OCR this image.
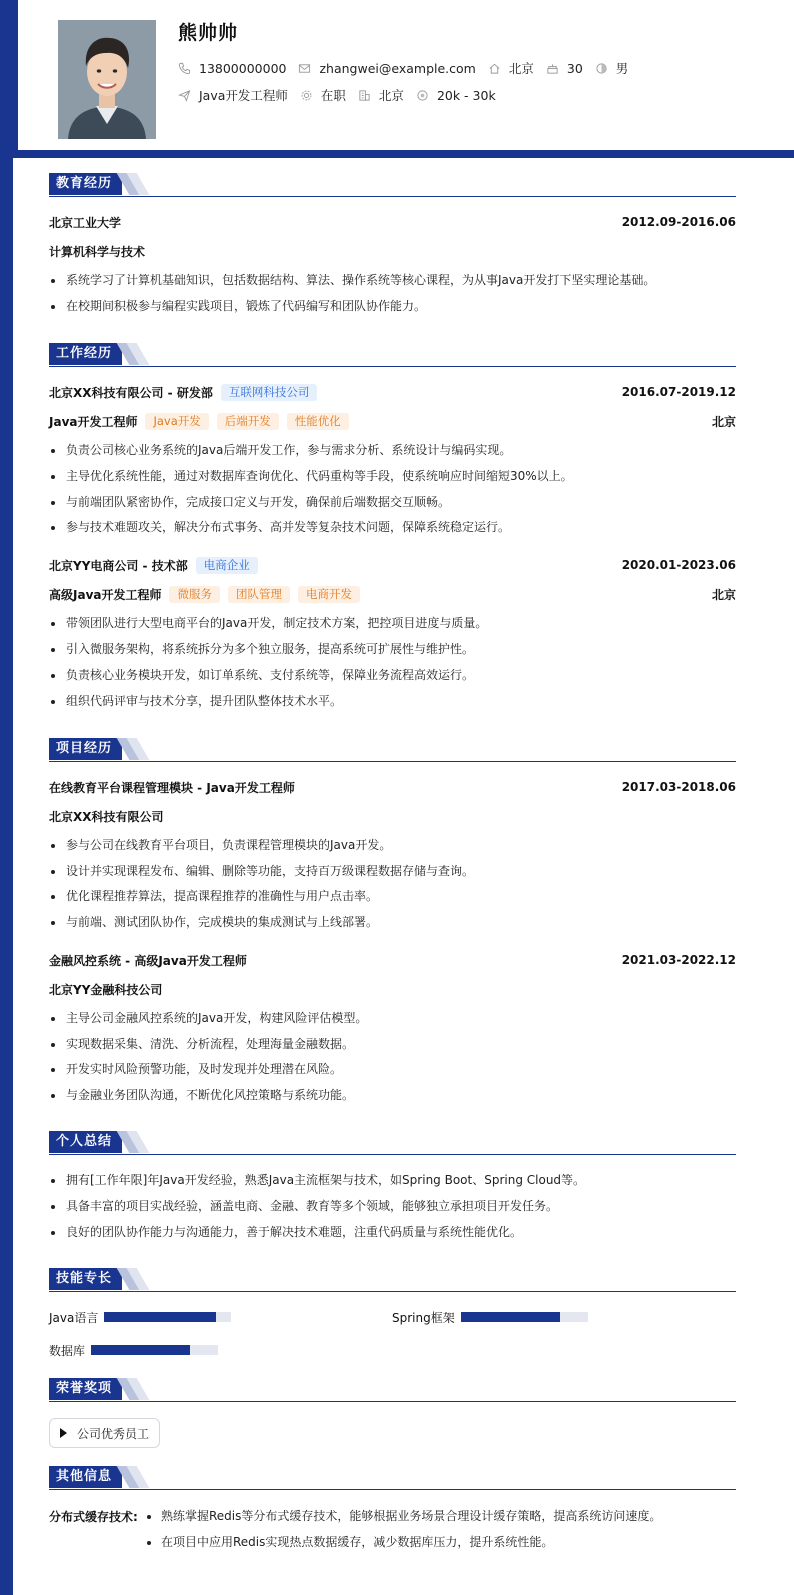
熊帅帅
13800000000	zhangwei@example.com	北京	30	男
Java开发工程师	在职	北京	20k - 30k
教育经历
北京工业大学	2012.09-2016.06
计算机科学与技术
系统学习了计算机基础知识，包括数据结构、算法、操作系统等核心课程，为从事Java开发打下坚实理论基础。
在校期间积极参与编程实践项目，锻炼了代码编写和团队协作能力。
工作经历
北京XX科技有限公司 - 研发部	互联网科技公司	2016.07-2019.12
Java开发工程师	Java开发	后端开发	性能优化	北京
负责公司核心业务系统的Java后端开发工作，参与需求分析、系统设计与编码实现。
主导优化系统性能，通过对数据库查询优化、代码重构等手段，使系统响应时间缩短30%以上。
与前端团队紧密协作，完成接口定义与开发，确保前后端数据交互顺畅。
参与技术难题攻关，解决分布式事务、高并发等复杂技术问题，保障系统稳定运行。
北京YY电商公司 - 技术部	电商企业	2020.01-2023.06
高级Java开发工程师	微服务	团队管理	电商开发	北京
带领团队进行大型电商平台的Java开发，制定技术方案，把控项目进度与质量。
引入微服务架构，将系统拆分为多个独立服务，提高系统可扩展性与维护性。
负责核心业务模块开发，如订单系统、支付系统等，保障业务流程高效运行。
组织代码评审与技术分享，提升团队整体技术水平。
项目经历
在线教育平台课程管理模块 - Java开发工程师	2017.03-2018.06
北京XX科技有限公司
参与公司在线教育平台项目，负责课程管理模块的Java开发。
设计并实现课程发布、编辑、删除等功能，支持百万级课程数据存储与查询。
优化课程推荐算法，提高课程推荐的准确性与用户点击率。
与前端、测试团队协作，完成模块的集成测试与上线部署。
金融风控系统 - 高级Java开发工程师	2021.03-2022.12
北京YY金融科技公司
主导公司金融风控系统的Java开发，构建风险评估模型。
实现数据采集、清洗、分析流程，处理海量金融数据。
开发实时风险预警功能，及时发现并处理潜在风险。
与金融业务团队沟通，不断优化风控策略与系统功能。
个人总结
拥有[工作年限]年Java开发经验，熟悉Java主流框架与技术，如Spring Boot、Spring Cloud等。
具备丰富的项目实战经验，涵盖电商、金融、教育等多个领域，能够独立承担项目开发任务。
良好的团队协作能力与沟通能力，善于解决技术难题，注重代码质量与系统性能优化。
技能专长
Java语言	Spring框架
数据库
荣誉奖项
公司优秀员工
其他信息
分布式缓存技术:	熟练掌握Redis等分布式缓存技术，能够根据业务场景合理设计缓存策略，提高系统访问速度。
在项目中应用Redis实现热点数据缓存，减少数据库压力，提升系统性能。
